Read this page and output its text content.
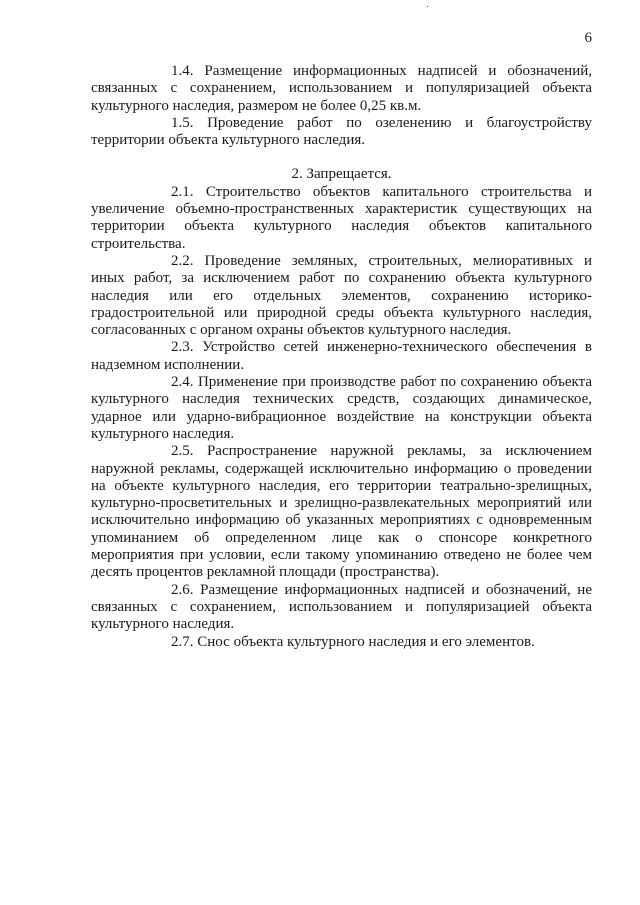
6

1.4. Размещение информационных надписей и обозначений, связанных с сохранением, использованием и популяризацией объекта культурного наследия, размером не более 0,25 кв.м.

1.5. Проведение работ по озеленению и благоустройству территории объекта культурного наследия.

2. Запрещается.

2.1. Строительство объектов капитального строительства и увеличение объемно-пространственных характеристик существующих на территории объекта культурного наследия объектов капитального строительства.

2.2. Проведение земляных, строительных, мелиоративных и иных работ, за исключением работ по сохранению объекта культурного наследия или его отдельных элементов, сохранению историко-градостроительной или природной среды объекта культурного наследия, согласованных с органом охраны объектов культурного наследия.

2.3. Устройство сетей инженерно-технического обеспечения в надземном исполнении.

2.4. Применение при производстве работ по сохранению объекта культурного наследия технических средств, создающих динамическое, ударное или ударно-вибрационное воздействие на конструкции объекта культурного наследия.

2.5. Распространение наружной рекламы, за исключением наружной рекламы, содержащей исключительно информацию о проведении на объекте культурного наследия, его территории театрально-зрелищных, культурно-просветительных и зрелищно-развлекательных мероприятий или исключительно информацию об указанных мероприятиях с одновременным упоминанием об определенном лице как о спонсоре конкретного мероприятия при условии, если такому упоминанию отведено не более чем десять процентов рекламной площади (пространства).

2.6. Размещение информационных надписей и обозначений, не связанных с сохранением, использованием и популяризацией объекта культурного наследия.

2.7. Снос объекта культурного наследия и его элементов.
